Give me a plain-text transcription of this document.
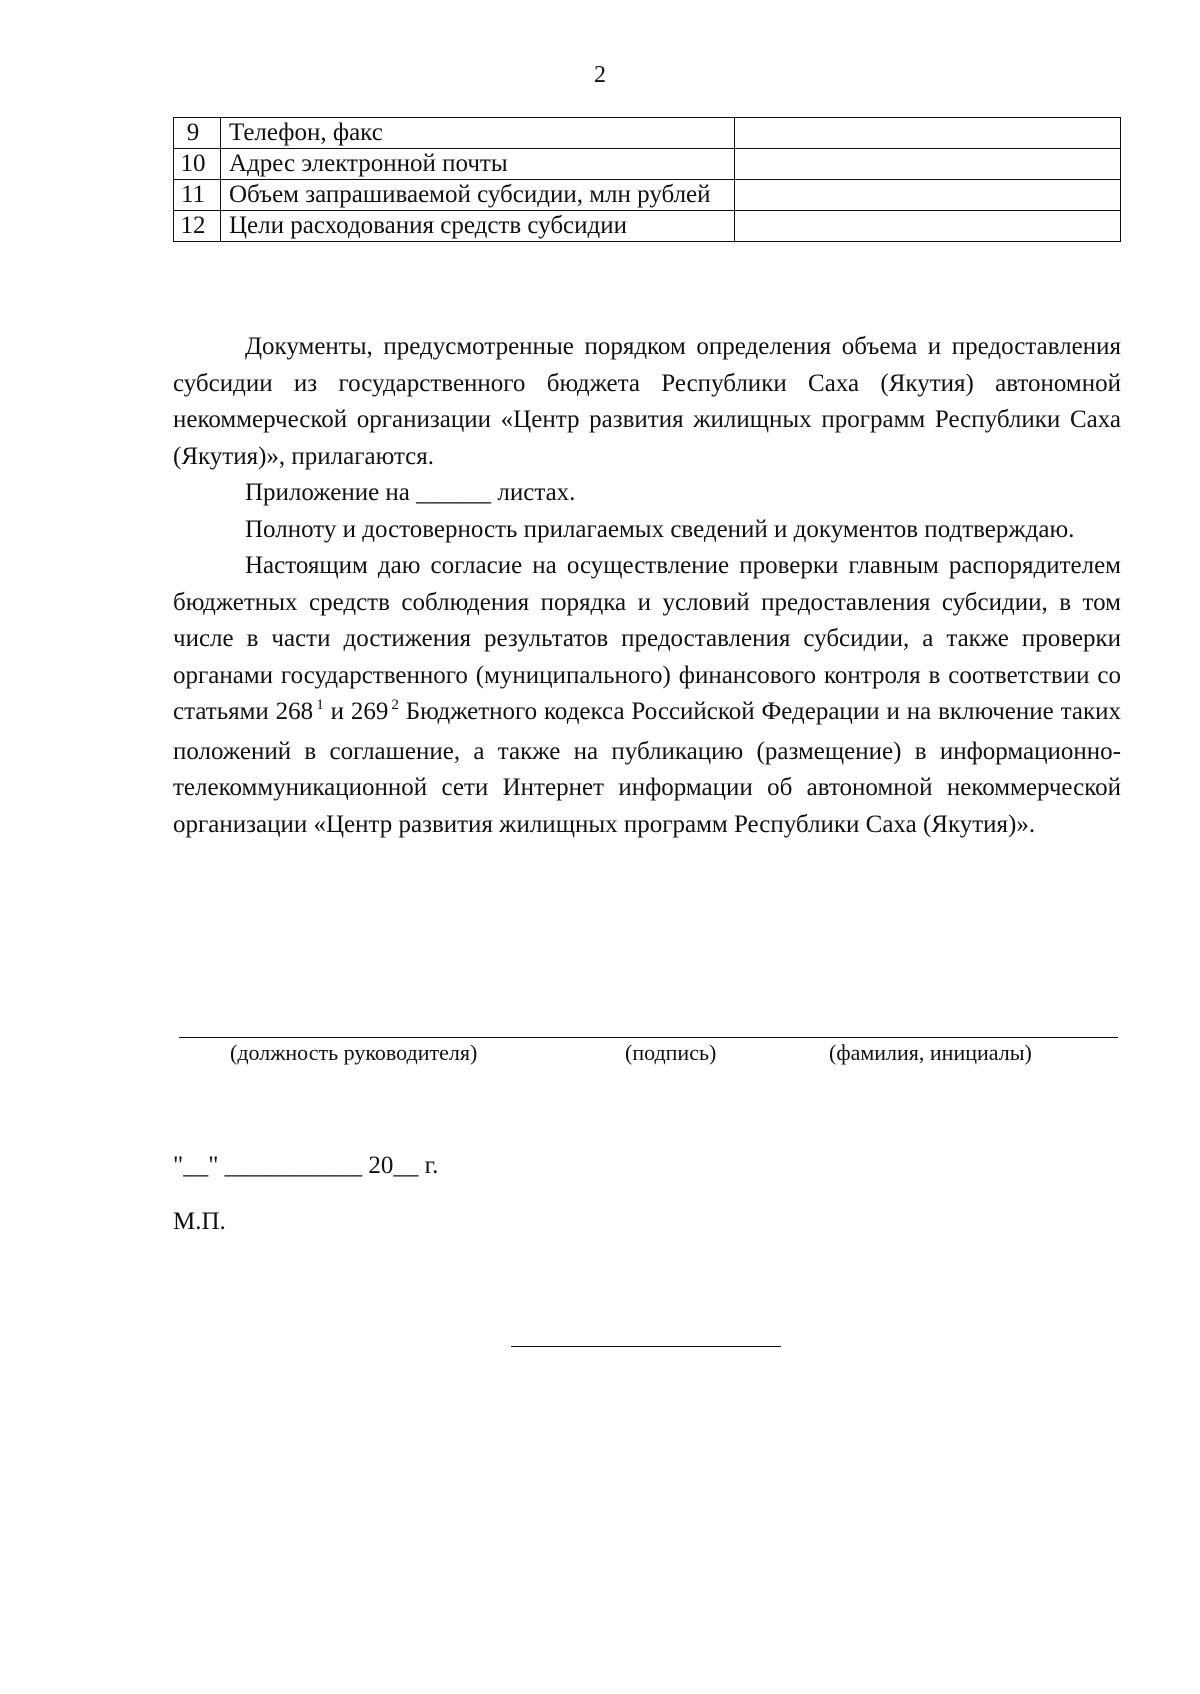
2
9	Телефон, факс	
10	Адрес электронной почты	
11	Объем запрашиваемой субсидии, млн рублей	
12	Цели расходования средств субсидии	

Документы, предусмотренные порядком определения объема и предоставления субсидии из государственного бюджета Республики Саха (Якутия) автономной некоммерческой организации «Центр развития жилищных программ Республики Саха (Якутия)», прилагаются.

Приложение на ______ листах.

Полноту и достоверность прилагаемых сведений и документов подтверждаю.

Настоящим даю согласие на осуществление проверки главным распорядителем бюджетных средств соблюдения порядка и условий предоставления субсидии, в том числе в части достижения результатов предоставления субсидии, а также проверки органами государственного (муниципального) финансового контроля в соответствии со статьями 268 $^1$ и 269 $^2$ Бюджетного кодекса Российской Федерации и на включение таких положений в соглашение, а также на публикацию (размещение) в информационно-телекоммуникационной сети Интернет информации об автономной некоммерческой организации «Центр развития жилищных программ Республики Саха (Якутия)».

(должность руководителя)	(подпись)	(фамилия, инициалы)
"__" ___________ 20__ г.
М.П.
